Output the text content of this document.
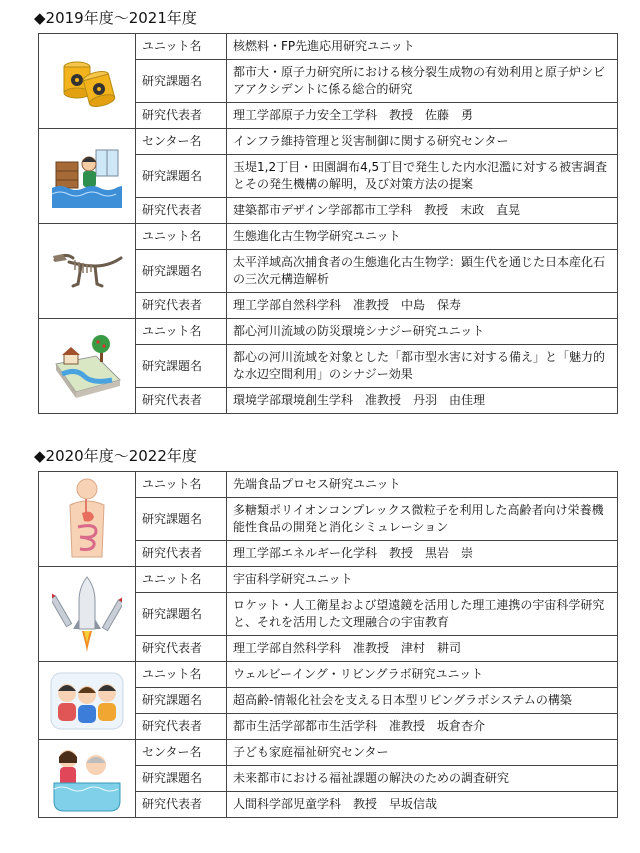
◆2019年度～2021年度
	ユニット名	核燃料・FP先進応用研究ユニット
	研究課題名	都市大・原子力研究所における核分裂生成物の有効利用と原子炉シビアアクシデントに係る総合的研究
	研究代表者	理工学部原子力安全工学科　教授　佐藤　勇

	センター名	インフラ維持管理と災害制御に関する研究センター
	研究課題名	玉堤1,2丁目・田園調布4,5丁目で発生した内水氾濫に対する被害調査とその発生機構の解明，及び対策方法の提案
	研究代表者	建築都市デザイン学部都市工学科　教授　末政　直晃

	ユニット名	生態進化古生物学研究ユニット
	研究課題名	太平洋域高次捕食者の生態進化古生物学：顕生代を通じた日本産化石の三次元構造解析
	研究代表者	理工学部自然科学科　准教授　中島　保寿

	ユニット名	都心河川流域の防災環境シナジー研究ユニット
	研究課題名	都心の河川流域を対象とした「都市型水害に対する備え」と「魅力的な水辺空間利用」のシナジー効果
	研究代表者	環境学部環境創生学科　准教授　丹羽　由佳理
◆2020年度～2022年度
	ユニット名	先端食品プロセス研究ユニット
	研究課題名	多糖類ポリイオンコンプレックス微粒子を利用した高齢者向け栄養機能性食品の開発と消化シミュレーション
	研究代表者	理工学部エネルギー化学科　教授　黒岩　崇

	ユニット名	宇宙科学研究ユニット
	研究課題名	ロケット・人工衛星および望遠鏡を活用した理工連携の宇宙科学研究と、それを活用した文理融合の宇宙教育
	研究代表者	理工学部自然科学科　准教授　津村　耕司

	ユニット名	ウェルビーイング・リビングラボ研究ユニット
	研究課題名	超高齢-情報化社会を支える日本型リビングラボシステムの構築
	研究代表者	都市生活学部都市生活学科　准教授　坂倉杏介

	センター名	子ども家庭福祉研究センター
	研究課題名	未来都市における福祉課題の解決のための調査研究
	研究代表者	人間科学部児童学科　教授　早坂信哉
